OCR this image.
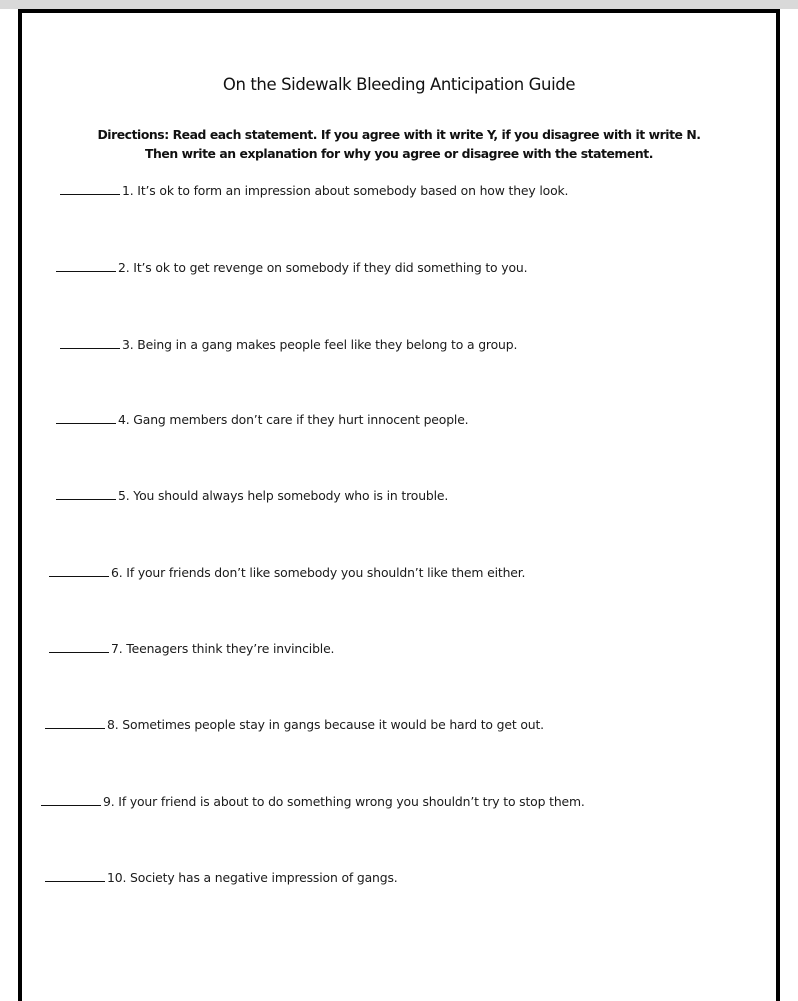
On the Sidewalk Bleeding Anticipation Guide
Directions: Read each statement. If you agree with it write Y, if you disagree with it write N.
Then write an explanation for why you agree or disagree with the statement.
1. It’s ok to form an impression about somebody based on how they look.
2. It’s ok to get revenge on somebody if they did something to you.
3. Being in a gang makes people feel like they belong to a group.
4. Gang members don’t care if they hurt innocent people.
5. You should always help somebody who is in trouble.
6. If your friends don’t like somebody you shouldn’t like them either.
7. Teenagers think they’re invincible.
8. Sometimes people stay in gangs because it would be hard to get out.
9. If your friend is about to do something wrong you shouldn’t try to stop them.
10. Society has a negative impression of gangs.
